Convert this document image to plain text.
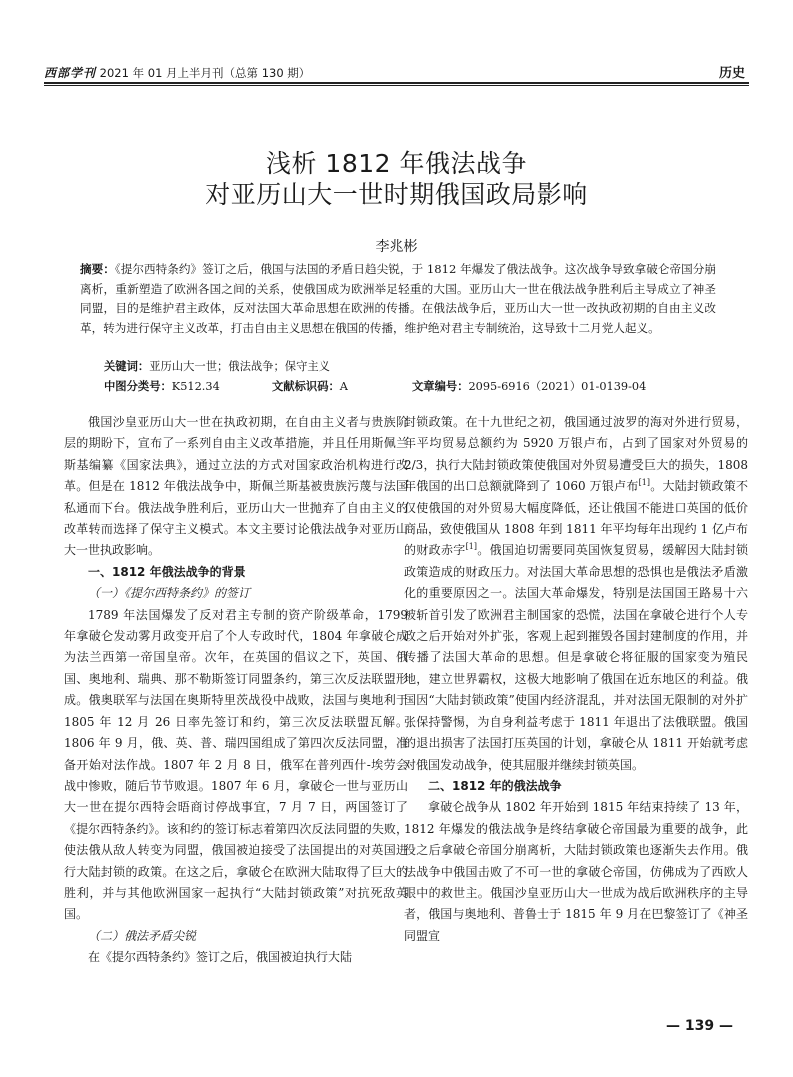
西部学刊 2021 年 01 月上半月刊（总第 130 期）	历史
浅析 1812 年俄法战争
对亚历山大一世时期俄国政局影响
李兆彬
摘要：《提尔西特条约》签订之后，俄国与法国的矛盾日趋尖锐，于 1812 年爆发了俄法战争。这次战争导致拿破仑帝国分崩离析，重新塑造了欧洲各国之间的关系，使俄国成为欧洲举足轻重的大国。亚历山大一世在俄法战争胜利后主导成立了神圣同盟，目的是维护君主政体，反对法国大革命思想在欧洲的传播。在俄法战争后，亚历山大一世一改执政初期的自由主义改革，转为进行保守主义改革，打击自由主义思想在俄国的传播，维护绝对君主专制统治，这导致十二月党人起义。
关键词：亚历山大一世；俄法战争；保守主义
中图分类号：K512.34	文献标识码：A	文章编号：2095-6916（2021）01-0139-04

俄国沙皇亚历山大一世在执政初期，在自由主义者与贵族阶层的期盼下，宣布了一系列自由主义改革措施，并且任用斯佩兰斯基编纂《国家法典》，通过立法的方式对国家政治机构进行改革。但是在 1812 年俄法战争中，斯佩兰斯基被贵族污蔑与法国私通而下台。俄法战争胜利后，亚历山大一世抛弃了自由主义的改革转而选择了保守主义模式。本文主要讨论俄法战争对亚历山大一世执政影响。

一、1812 年俄法战争的背景

（一）《提尔西特条约》的签订

1789 年法国爆发了反对君主专制的资产阶级革命，1799 年拿破仑发动雾月政变开启了个人专政时代，1804 年拿破仑成为法兰西第一帝国皇帝。次年，在英国的倡议之下，英国、俄国、奥地利、瑞典、那不勒斯签订同盟条约，第三次反法联盟形成。俄奥联军与法国在奥斯特里茨战役中战败，法国与奥地利于 1805 年 12 月 26 日率先签订和约，第三次反法联盟瓦解。1806 年 9 月，俄、英、普、瑞四国组成了第四次反法同盟，准备开始对法作战。1807 年 2 月 8 日，俄军在普列西什-埃劳会战中惨败，随后节节败退。1807 年 6 月，拿破仑一世与亚历山大一世在提尔西特会晤商讨停战事宜，7 月 7 日，两国签订了《提尔西特条约》。该和约的签订标志着第四次反法同盟的失败，使法俄从敌人转变为同盟，俄国被迫接受了法国提出的对英国进行大陆封锁的政策。在这之后，拿破仑在欧洲大陆取得了巨大的胜利，并与其他欧洲国家一起执行“大陆封锁政策”对抗死敌英国。

（二）俄法矛盾尖锐

在《提尔西特条约》签订之后，俄国被迫执行大陆

封锁政策。在十九世纪之初，俄国通过波罗的海对外进行贸易，年平均贸易总额约为 5920 万银卢布，占到了国家对外贸易的 2/3，执行大陆封锁政策使俄国对外贸易遭受巨大的损失，1808 年俄国的出口总额就降到了 1060 万银卢布[1]。大陆封锁政策不仅使俄国的对外贸易大幅度降低，还让俄国不能进口英国的低价商品，致使俄国从 1808 年到 1811 年平均每年出现约 1 亿卢布的财政赤字[1]。俄国迫切需要同英国恢复贸易，缓解因大陆封锁政策造成的财政压力。对法国大革命思想的恐惧也是俄法矛盾激化的重要原因之一。法国大革命爆发，特别是法国国王路易十六被斩首引发了欧洲君主制国家的恐慌，法国在拿破仑进行个人专政之后开始对外扩张，客观上起到摧毁各国封建制度的作用，并传播了法国大革命的思想。但是拿破仑将征服的国家变为殖民地，建立世界霸权，这极大地影响了俄国在近东地区的利益。俄国因“大陆封锁政策”使国内经济混乱，并对法国无限制的对外扩张保持警惕，为自身利益考虑于 1811 年退出了法俄联盟。俄国的退出损害了法国打压英国的计划，拿破仑从 1811 开始就考虑对俄国发动战争，使其屈服并继续封锁英国。

二、1812 年的俄法战争

拿破仑战争从 1802 年开始到 1815 年结束持续了 13 年，1812 年爆发的俄法战争是终结拿破仑帝国最为重要的战争，此役之后拿破仑帝国分崩离析，大陆封锁政策也逐渐失去作用。俄法战争中俄国击败了不可一世的拿破仑帝国，仿佛成为了西欧人眼中的救世主。俄国沙皇亚历山大一世成为战后欧洲秩序的主导者，俄国与奥地利、普鲁士于 1815 年 9 月在巴黎签订了《神圣同盟宣

— 139 —
